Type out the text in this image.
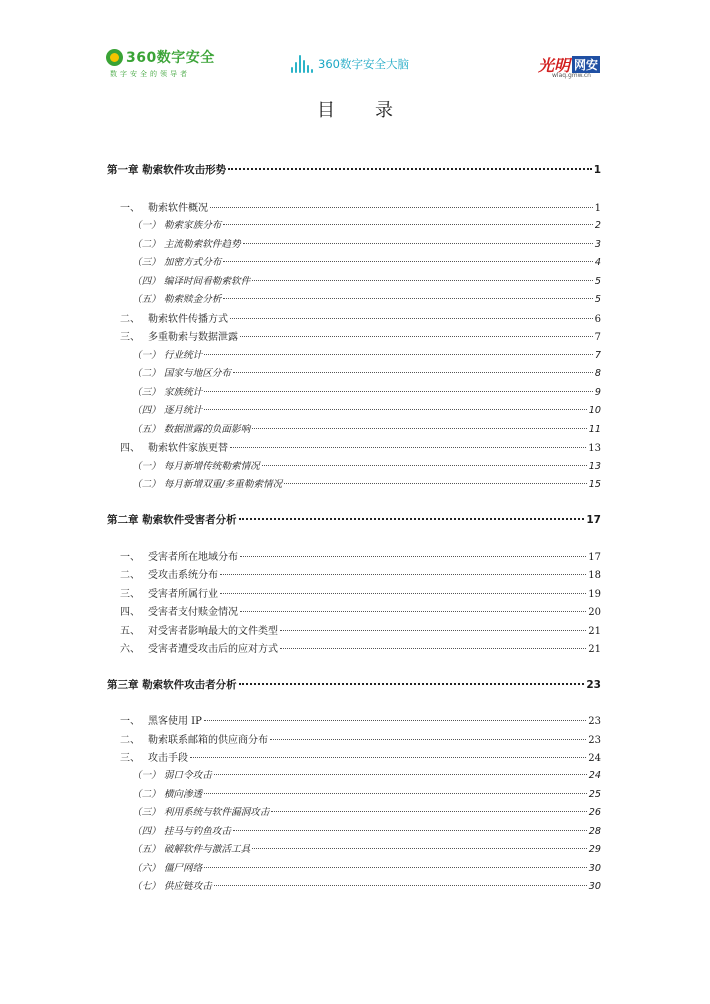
360数字安全
数字安全的领导者
360数字安全大脑	光明 网安
wlaq.gmw.cn
目录
第一章 勒索软件攻击形势	1
一、 勒索软件概况	1
（一） 勒索家族分布	2
（二） 主流勒索软件趋势	3
（三） 加密方式分布	4
（四） 编译时间看勒索软件	5
（五） 勒索赎金分析	5
二、 勒索软件传播方式	6
三、 多重勒索与数据泄露	7
（一） 行业统计	7
（二） 国家与地区分布	8
（三） 家族统计	9
（四） 逐月统计	10
（五） 数据泄露的负面影响	11
四、 勒索软件家族更替	13
（一） 每月新增传统勒索情况	13
（二） 每月新增双重/多重勒索情况	15
第二章 勒索软件受害者分析	17
一、 受害者所在地域分布	17
二、 受攻击系统分布	18
三、 受害者所属行业	19
四、 受害者支付赎金情况	20
五、 对受害者影响最大的文件类型	21
六、 受害者遭受攻击后的应对方式	21
第三章 勒索软件攻击者分析	23
一、 黑客使用 IP	23
二、 勒索联系邮箱的供应商分布	23
三、 攻击手段	24
（一） 弱口令攻击	24
（二） 横向渗透	25
（三） 利用系统与软件漏洞攻击	26
（四） 挂马与钓鱼攻击	28
（五） 破解软件与激活工具	29
（六） 僵尸网络	30
（七） 供应链攻击	30
